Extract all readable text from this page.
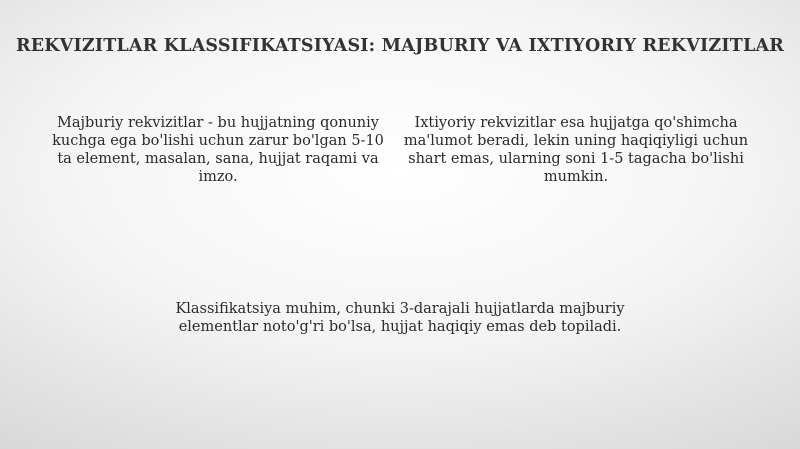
REKVIZITLAR KLASSIFIKATSIYASI: MAJBURIY VA IXTIYORIY REKVIZITLAR
Majburiy rekvizitlar - bu hujjatning qonuniy kuchga ega bo'lishi uchun zarur bo'lgan 5-10 ta element, masalan, sana, hujjat raqami va imzo.
Ixtiyoriy rekvizitlar esa hujjatga qo'shimcha ma'lumot beradi, lekin uning haqiqiyligi uchun shart emas, ularning soni 1-5 tagacha bo'lishi mumkin.
Klassifikatsiya muhim, chunki 3-darajali hujjatlarda majburiy elementlar noto'g'ri bo'lsa, hujjat haqiqiy emas deb topiladi.
